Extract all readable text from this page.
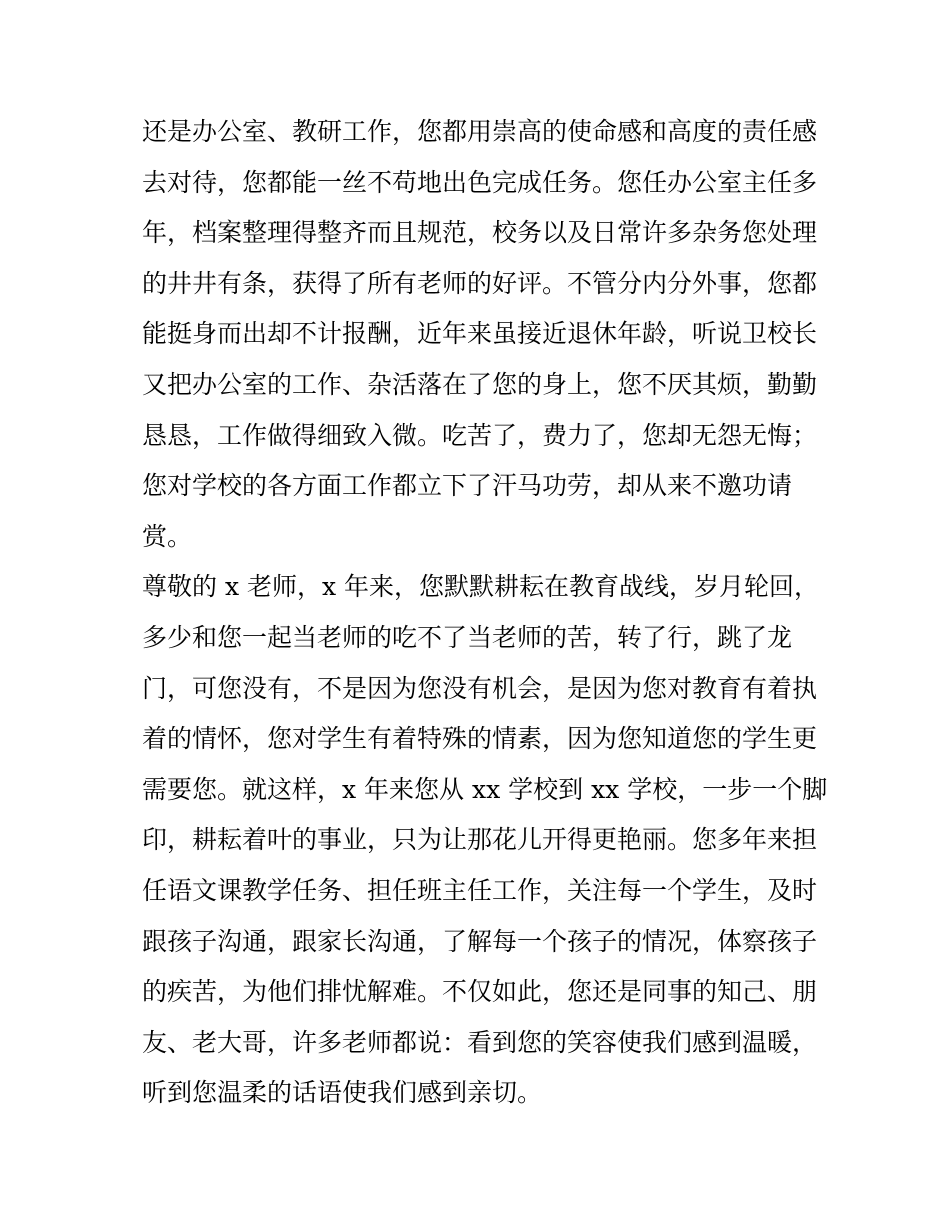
还是办公室、教研工作，您都用崇高的使命感和高度的责任感
去对待，您都能一丝不苟地出色完成任务。您任办公室主任多
年，档案整理得整齐而且规范，校务以及日常许多杂务您处理
的井井有条，获得了所有老师的好评。不管分内分外事，您都
能挺身而出却不计报酬，近年来虽接近退休年龄，听说卫校长
又把办公室的工作、杂活落在了您的身上，您不厌其烦，勤勤
恳恳，工作做得细致入微。吃苦了，费力了，您却无怨无悔；
您对学校的各方面工作都立下了汗马功劳，却从来不邀功请
赏。
尊敬的 x 老师，x 年来，您默默耕耘在教育战线，岁月轮回，
多少和您一起当老师的吃不了当老师的苦，转了行，跳了龙
门，可您没有，不是因为您没有机会，是因为您对教育有着执
着的情怀，您对学生有着特殊的情素，因为您知道您的学生更
需要您。就这样，x 年来您从 xx 学校到 xx 学校，一步一个脚
印，耕耘着叶的事业，只为让那花儿开得更艳丽。您多年来担
任语文课教学任务、担任班主任工作，关注每一个学生，及时
跟孩子沟通，跟家长沟通，了解每一个孩子的情况，体察孩子
的疾苦，为他们排忧解难。不仅如此，您还是同事的知己、朋
友、老大哥，许多老师都说：看到您的笑容使我们感到温暖，
听到您温柔的话语使我们感到亲切。
